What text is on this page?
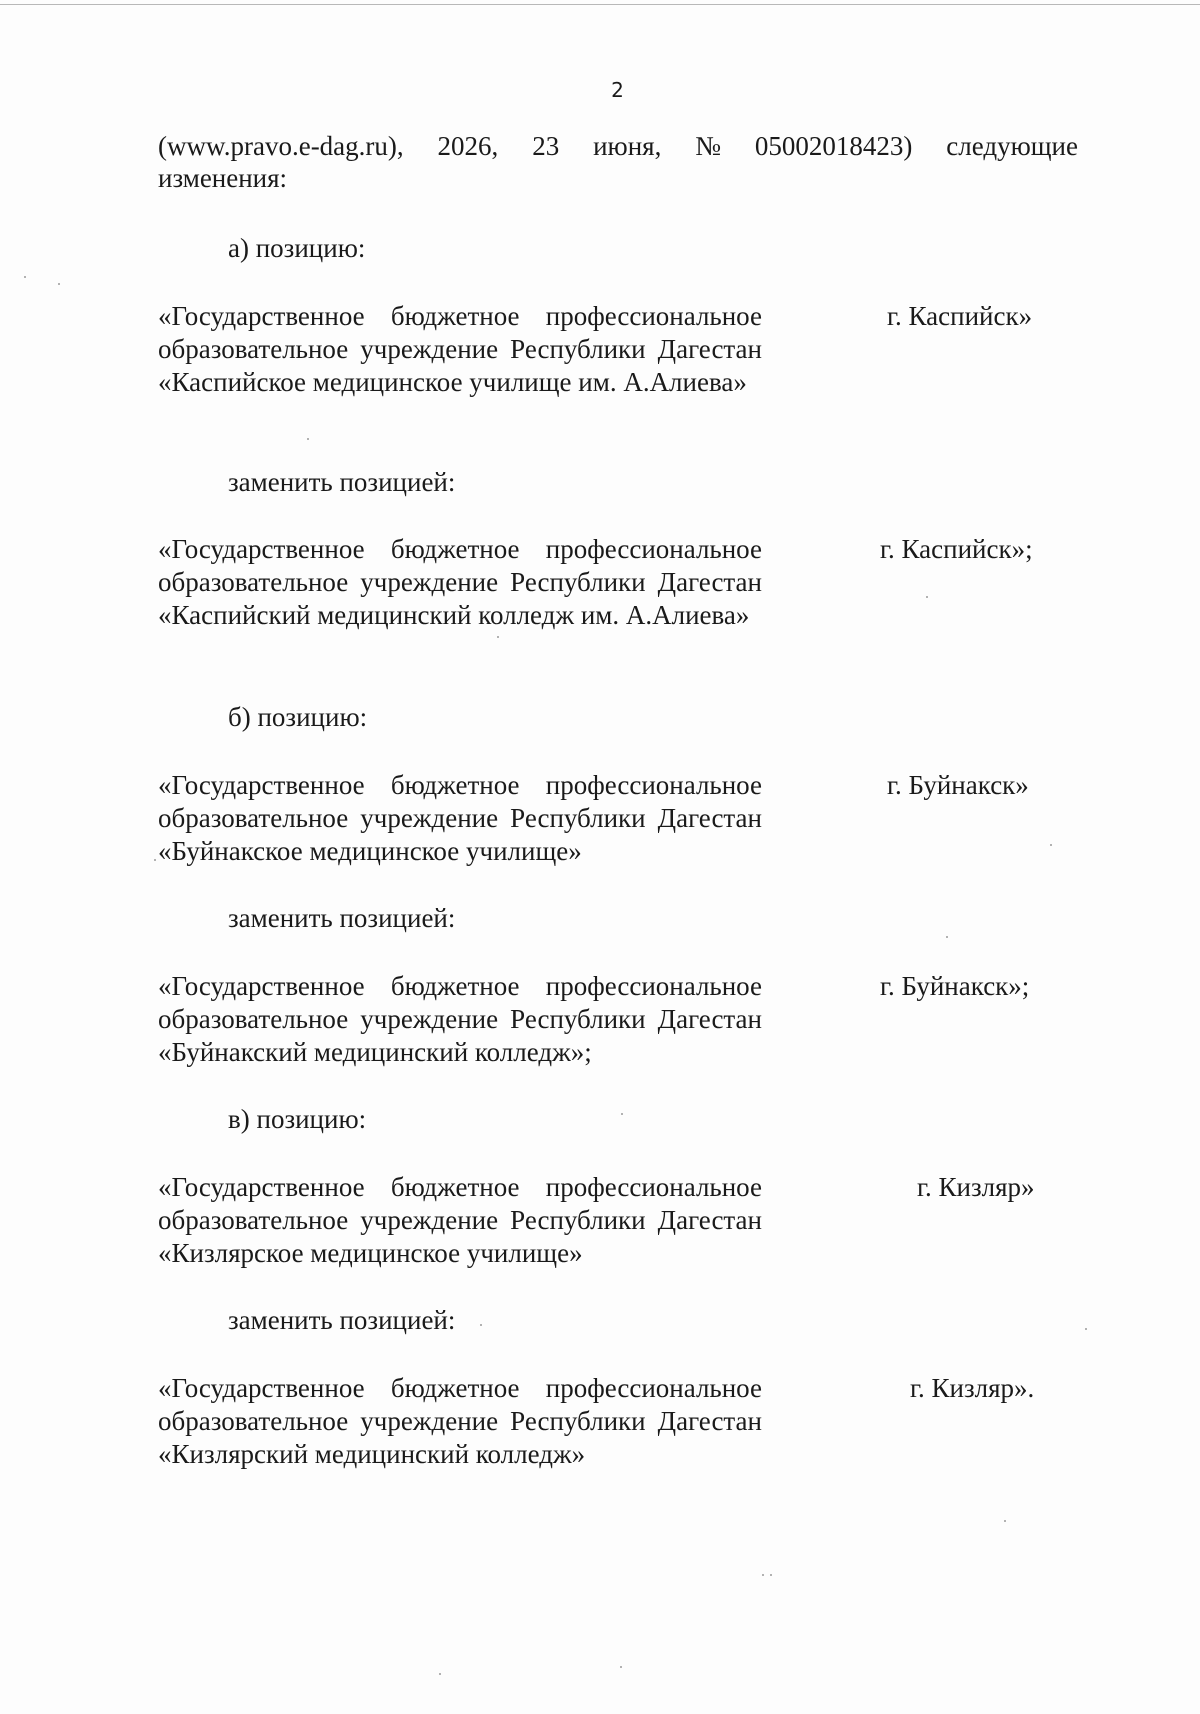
2
(www.pravo.e-dag.ru), 2026, 23 июня, № 05002018423) следующие
изменения:
а) позицию:
«Государственное бюджетное профессиональное образовательное учреждение Республики Дагестан «Каспийское медицинское училище им. А.Алиева»
г. Каспийск»
заменить позицией:
«Государственное бюджетное профессиональное образовательное учреждение Республики Дагестан «Каспийский медицинский колледж им. А.Алиева»
г. Каспийск»;
б) позицию:
«Государственное бюджетное профессиональное образовательное учреждение Республики Дагестан «Буйнакское медицинское училище»
г. Буйнакск»
заменить позицией:
«Государственное бюджетное профессиональное образовательное учреждение Республики Дагестан «Буйнакский медицинский колледж»;
г. Буйнакск»;
в) позицию:
«Государственное бюджетное профессиональное образовательное учреждение Республики Дагестан «Кизлярское медицинское училище»
г. Кизляр»
заменить позицией:
«Государственное бюджетное профессиональное образовательное учреждение Республики Дагестан «Кизлярский медицинский колледж»
г. Кизляр».
